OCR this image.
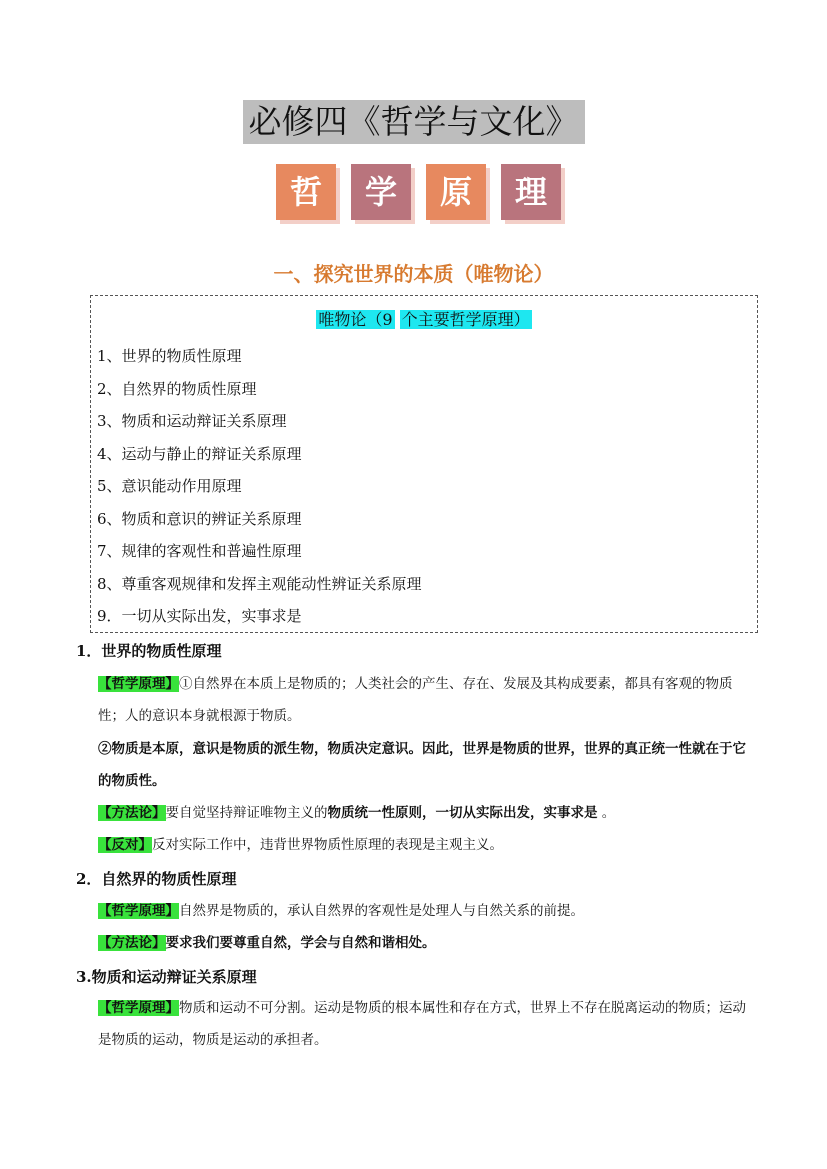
必修四《哲学与文化》
哲	学	原	理
一、探究世界的本质（唯物论）
唯物论（9 个主要哲学原理）
1、世界的物质性原理
2、自然界的物质性原理
3、物质和运动辩证关系原理
4、运动与静止的辩证关系原理
5、意识能动作用原理
6、物质和意识的辨证关系原理
7、规律的客观性和普遍性原理
8、尊重客观规律和发挥主观能动性辨证关系原理
9．一切从实际出发，实事求是
1．世界的物质性原理
【哲学原理】①自然界在本质上是物质的；人类社会的产生、存在、发展及其构成要素，都具有客观的物质性；人的意识本身就根源于物质。
②物质是本原，意识是物质的派生物，物质决定意识。因此，世界是物质的世界，世界的真正统一性就在于它的物质性。
【方法论】要自觉坚持辩证唯物主义的物质统一性原则，一切从实际出发，实事求是 。
【反对】反对实际工作中，违背世界物质性原理的表现是主观主义。
2．自然界的物质性原理
【哲学原理】自然界是物质的，承认自然界的客观性是处理人与自然关系的前提。
【方法论】要求我们要尊重自然，学会与自然和谐相处。
3.物质和运动辩证关系原理
【哲学原理】物质和运动不可分割。运动是物质的根本属性和存在方式，世界上不存在脱离运动的物质；运动是物质的运动，物质是运动的承担者。
